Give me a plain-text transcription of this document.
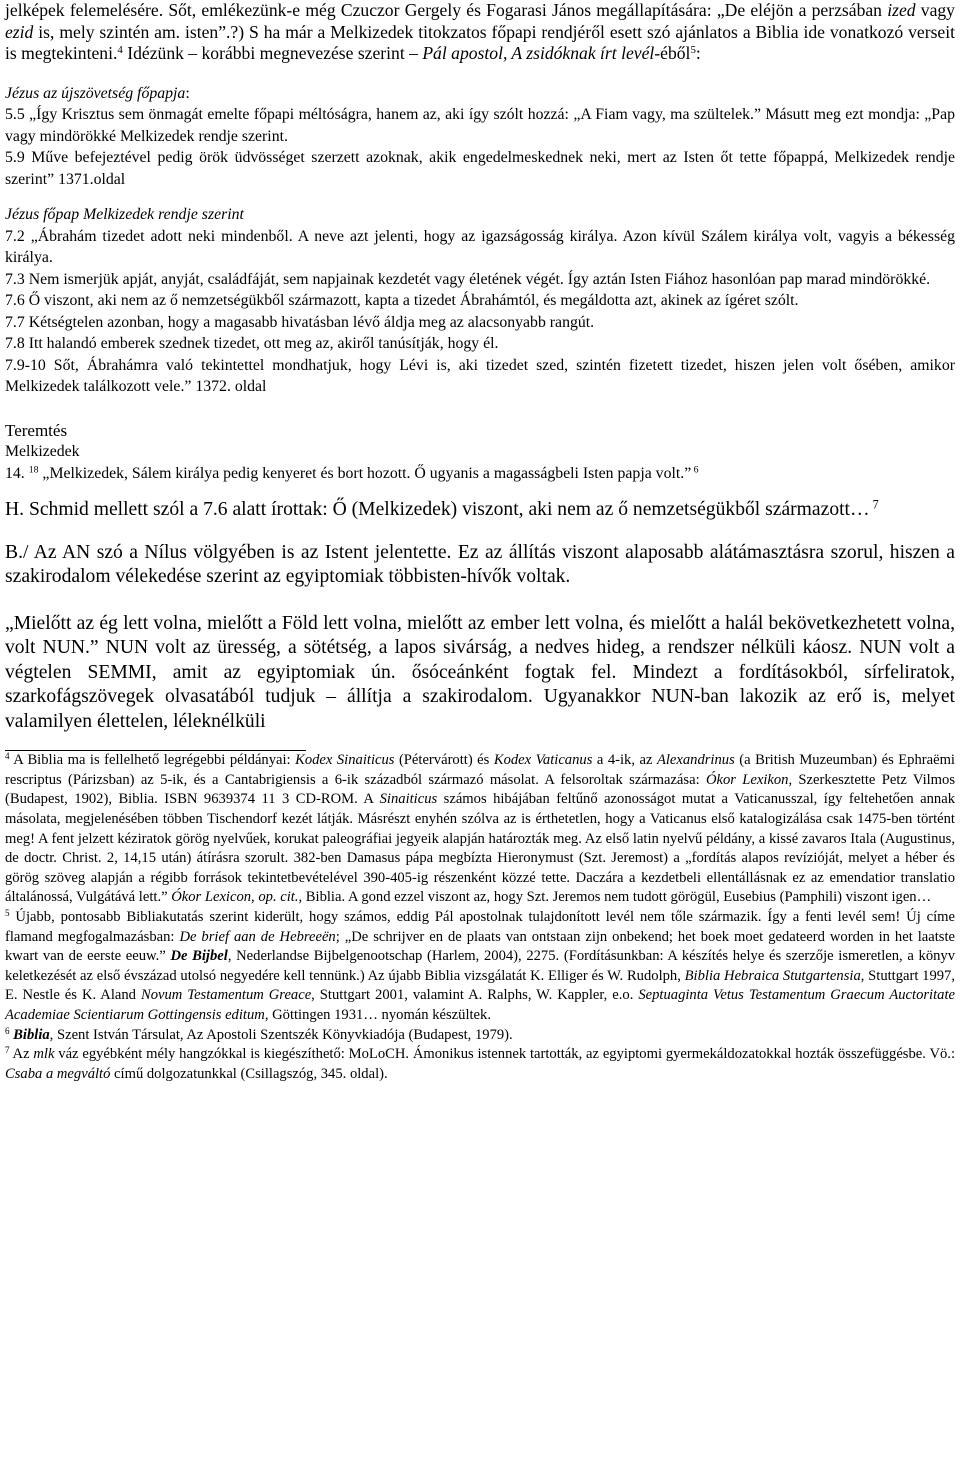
jelképek felemelésére. Sőt, emlékezünk-e még Czuczor Gergely és Fogarasi János megállapítására: „De eléjön a perzsában ized vagy ezid is, mely szintén am. isten”.?) S ha már a Melkizedek titokzatos főpapi rendjéről esett szó ajánlatos a Biblia ide vonatkozó verseit is megtekinteni.$^4$ Idézünk – korábbi megnevezése szerint – Pál apostol, A zsidóknak írt levél-éből$^5$:

Jézus az újszövetség főpapja:

5.5 „Így Krisztus sem önmagát emelte főpapi méltóságra, hanem az, aki így szólt hozzá: „A Fiam vagy, ma szültelek.” Másutt meg ezt mondja: „Pap vagy mindörökké Melkizedek rendje szerint.

5.9 Műve befejeztével pedig örök üdvösséget szerzett azoknak, akik engedelmeskednek neki, mert az Isten őt tette főpappá, Melkizedek rendje szerint” 1371.oldal

Jézus főpap Melkizedek rendje szerint

7.2 „Ábrahám tizedet adott neki mindenből. A neve azt jelenti, hogy az igazságosság királya. Azon kívül Szálem királya volt, vagyis a békesség királya.

7.3 Nem ismerjük apját, anyját, családfáját, sem napjainak kezdetét vagy életének végét. Így aztán Isten Fiához hasonlóan pap marad mindörökké.

7.6 Ő viszont, aki nem az ő nemzetségükből származott, kapta a tizedet Ábrahámtól, és megáldotta azt, akinek az ígéret szólt.

7.7 Kétségtelen azonban, hogy a magasabb hivatásban lévő áldja meg az alacsonyabb rangút.

7.8 Itt halandó emberek szednek tizedet, ott meg az, akiről tanúsítják, hogy él.

7.9-10 Sőt, Ábrahámra való tekintettel mondhatjuk, hogy Lévi is, aki tizedet szed, szintén fizetett tizedet, hiszen jelen volt ősében, amikor Melkizedek találkozott vele.” 1372. oldal

Teremtés

Melkizedek

14. $^{18}$ „Melkizedek, Sálem királya pedig kenyeret és bort hozott. Ő ugyanis a magasságbeli Isten papja volt.” $^6$

H. Schmid mellett szól a 7.6 alatt írottak: Ő (Melkizedek) viszont, aki nem az ő nemzetségükből származott… $^7$

B./ Az AN szó a Nílus völgyében is az Istent jelentette. Ez az állítás viszont alaposabb alátámasztásra szorul, hiszen a szakirodalom vélekedése szerint az egyiptomiak többisten-hívők voltak.

„Mielőtt az ég lett volna, mielőtt a Föld lett volna, mielőtt az ember lett volna, és mielőtt a halál bekövetkezhetett volna, volt NUN.” NUN volt az üresség, a sötétség, a lapos sivárság, a nedves hideg, a rendszer nélküli káosz. NUN volt a végtelen SEMMI, amit az egyiptomiak ún. ősóceánként fogtak fel. Mindezt a fordításokból, sírfeliratok, szarkofágszövegek olvasatából tudjuk – állítja a szakirodalom. Ugyanakkor NUN-ban lakozik az erő is, melyet valamilyen élettelen, léleknélküli

$^4$ A Biblia ma is fellelhető legrégebbi példányai: Kodex Sinaiticus (Pétervárott) és Kodex Vaticanus a 4-ik, az Alexandrinus (a British Muzeumban) és Ephraëmi rescriptus (Párizsban) az 5-ik, és a Cantabrigiensis a 6-ik századból származó másolat. A felsoroltak származása: Ókor Lexikon, Szerkesztette Petz Vilmos (Budapest, 1902), Biblia. ISBN 9639374 11 3 CD-ROM. A Sinaiticus számos hibájában feltűnő azonosságot mutat a Vaticanusszal, így feltehetően annak másolata, megjelenésében többen Tischendorf kezét látják. Másrészt enyhén szólva az is érthetetlen, hogy a Vaticanus első katalogizálása csak 1475-ben történt meg! A fent jelzett kéziratok görög nyelvűek, korukat paleográfiai jegyeik alapján határozták meg. Az első latin nyelvű példány, a kissé zavaros Itala (Augustinus, de doctr. Christ. 2, 14,15 után) átírásra szorult. 382-ben Damasus pápa megbízta Hieronymust (Szt. Jeremost) a „fordítás alapos revízióját, melyet a héber és görög szöveg alapján a régibb források tekintetbevételével 390-405-ig részenként közzé tette. Daczára a kezdetbeli ellentállásnak ez az emendatior translatio általánossá, Vulgátává lett.” Ókor Lexicon, op. cit., Biblia. A gond ezzel viszont az, hogy Szt. Jeremos nem tudott görögül, Eusebius (Pamphili) viszont igen…

$^5$ Újabb, pontosabb Bibliakutatás szerint kiderült, hogy számos, eddig Pál apostolnak tulajdonított levél nem tőle származik. Így a fenti levél sem! Új címe flamand megfogalmazásban: De brief aan de Hebreeën; „De schrijver en de plaats van ontstaan zijn onbekend; het boek moet gedateerd worden in het laatste kwart van de eerste eeuw.” De Bijbel, Nederlandse Bijbelgenootschap (Harlem, 2004), 2275. (Fordításunkban: A készítés helye és szerzője ismeretlen, a könyv keletkezését az első évszázad utolsó negyedére kell tennünk.) Az újabb Biblia vizsgálatát K. Elliger és W. Rudolph, Biblia Hebraica Stutgartensia, Stuttgart 1997, E. Nestle és K. Aland Novum Testamentum Greace, Stuttgart 2001, valamint A. Ralphs, W. Kappler, e.o. Septuaginta Vetus Testamentum Graecum Auctoritate Academiae Scientiarum Gottingensis editum, Göttingen 1931… nyomán készültek.

$^6$ Biblia, Szent István Társulat, Az Apostoli Szentszék Könyvkiadója (Budapest, 1979).

$^7$ Az mlk váz egyébként mély hangzókkal is kiegészíthető: MoLoCH. Ámonikus istennek tartották, az egyiptomi gyermekáldozatokkal hozták összefüggésbe. Vö.: Csaba a megváltó című dolgozatunkkal (Csillagszóg, 345. oldal).
